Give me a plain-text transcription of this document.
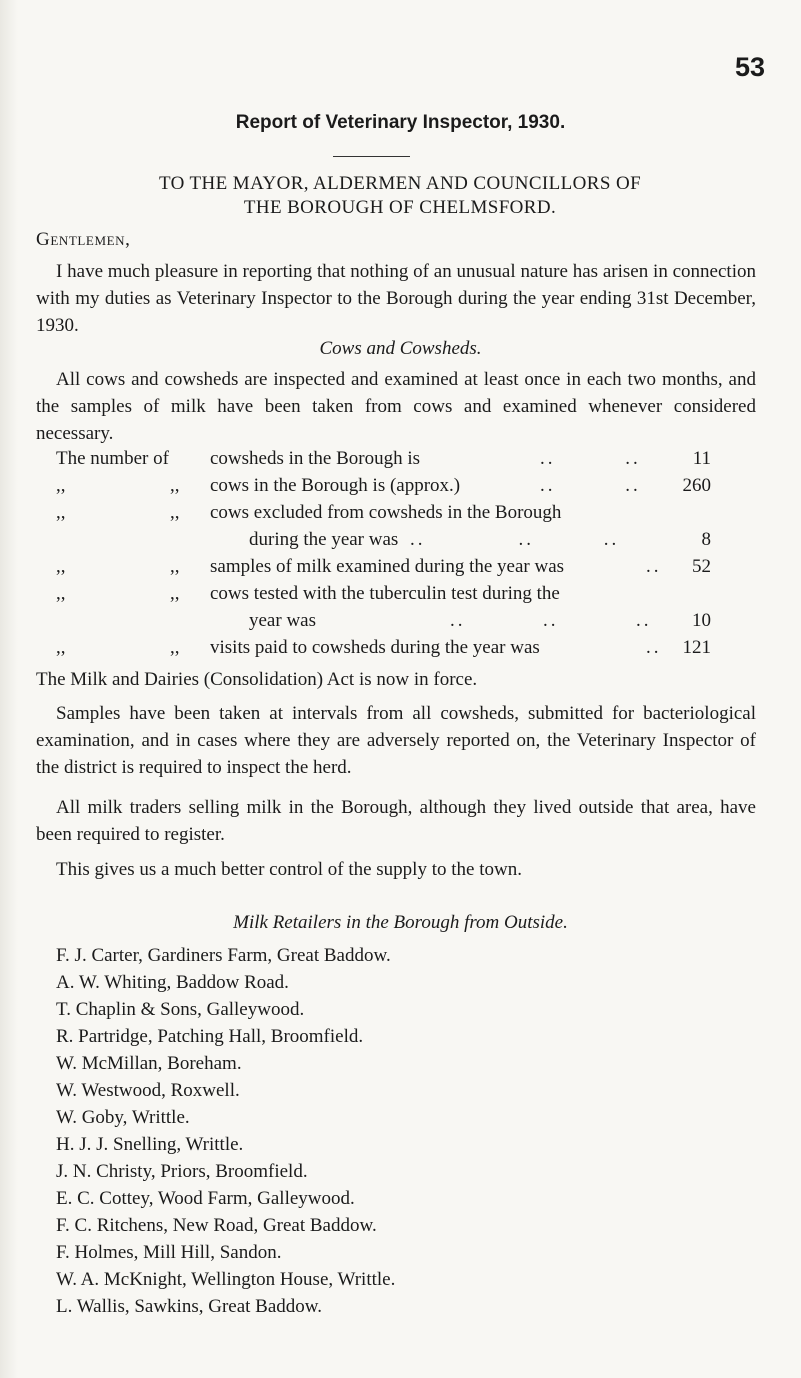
53
Report of Veterinary Inspector, 1930.
TO THE MAYOR, ALDERMEN AND COUNCILLORS OF
THE BOROUGH OF CHELMSFORD.
Gentlemen,
I have much pleasure in reporting that nothing of an unusual nature has arisen in connection with my duties as Veterinary Inspector to the Borough during the year ending 31st December, 1930.
Cows and Cowsheds.
All cows and cowsheds are inspected and examined at least once in each two months, and the samples of milk have been taken from cows and examined whenever considered necessary.
The number of cowsheds in the Borough is	..         ..	11
,,	,, cows in the Borough is (approx.)	..         .. 260
,,	,, cows excluded from cowsheds in the Borough
during the year was ..            ..         ..	8
,,	,, samples of milk examined during the year was	.. 52
,,	,, cows tested with the tuberculin test during the
year was	..          ..          .. 10
,,	,, visits paid to cowsheds during the year was	.. 121
The Milk and Dairies (Consolidation) Act is now in force.
Samples have been taken at intervals from all cowsheds, submitted for bacteriological examination, and in cases where they are adversely reported on, the Veterinary Inspector of the district is required to inspect the herd.
All milk traders selling milk in the Borough, although they lived outside that area, have been required to register.
This gives us a much better control of the supply to the town.
Milk Retailers in the Borough from Outside.
F. J. Carter, Gardiners Farm, Great Baddow.
A. W. Whiting, Baddow Road.
T. Chaplin & Sons, Galleywood.
R. Partridge, Patching Hall, Broomfield.
W. McMillan, Boreham.
W. Westwood, Roxwell.
W. Goby, Writtle.
H. J. J. Snelling, Writtle.
J. N. Christy, Priors, Broomfield.
E. C. Cottey, Wood Farm, Galleywood.
F. C. Ritchens, New Road, Great Baddow.
F. Holmes, Mill Hill, Sandon.
W. A. McKnight, Wellington House, Writtle.
L. Wallis, Sawkins, Great Baddow.
